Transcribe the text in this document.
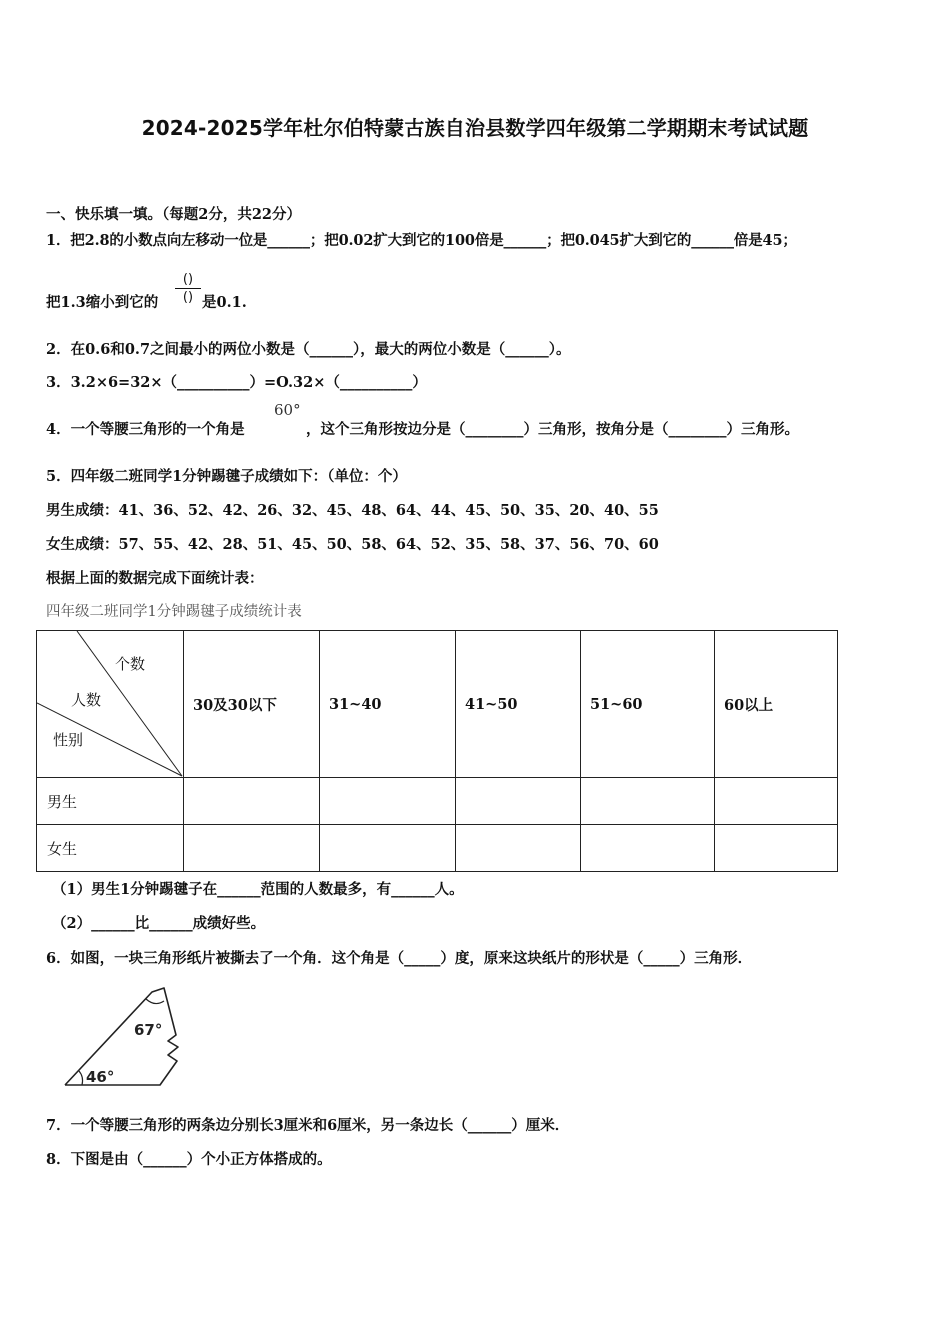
2024-2025学年杜尔伯特蒙古族自治县数学四年级第二学期期末考试试题
一、快乐填一填。（每题2分，共22分）
1．把2.8的小数点向左移动一位是______；把0.02扩大到它的100倍是______；把0.045扩大到它的______倍是45；
把1.3缩小到它的
()
() 是0.1.
2．在0.6和0.7之间最小的两位小数是（______），最大的两位小数是（______）。
3．3.2×6=32×（__________）=O.32×（__________）
4．一个等腰三角形的一个角是
60°
，这个三角形按边分是（________）三角形，按角分是（________）三角形。
5．四年级二班同学1分钟踢毽子成绩如下：（单位：个）
男生成绩：41、36、52、42、26、32、45、48、64、44、45、50、35、20、40、55
女生成绩：57、55、42、28、51、45、50、58、64、52、35、58、37、56、70、60
根据上面的数据完成下面统计表：
四年级二班同学1分钟踢毽子成绩统计表
个数
人数
性别	30及30以下	31~40	41~50	51~60	60以上
男生					
女生					
（1）男生1分钟踢毽子在______范围的人数最多，有______人。
（2）______比______成绩好些。
6．如图，一块三角形纸片被撕去了一个角．这个角是（_____）度，原来这块纸片的形状是（_____）三角形．
67°
46°
7．一个等腰三角形的两条边分别长3厘米和6厘米，另一条边长（______）厘米．
8．下图是由（______）个小正方体搭成的。
